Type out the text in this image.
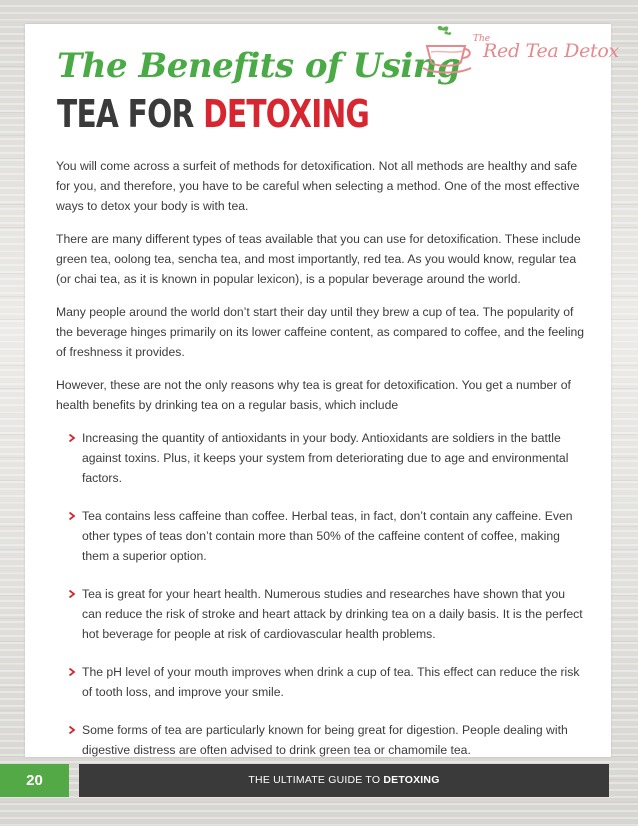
The Benefits of Using
TEA FOR DETOXING
The
Red Tea Detox

You will come across a surfeit of methods for detoxification. Not all methods are healthy and safe for you, and therefore, you have to be careful when selecting a method. One of the most effective ways to detox your body is with tea.

There are many different types of teas available that you can use for detoxification. These include green tea, oolong tea, sencha tea, and most importantly, red tea. As you would know, regular tea (or chai tea, as it is known in popular lexicon), is a popular beverage around the world.

Many people around the world don’t start their day until they brew a cup of tea. The popularity of the beverage hinges primarily on its lower caffeine content, as compared to coffee, and the feeling of freshness it provides.

However, these are not the only reasons why tea is great for detoxification. You get a number of health benefits by drinking tea on a regular basis, which include

Increasing the quantity of antioxidants in your body. Antioxidants are soldiers in the battle against toxins. Plus, it keeps your system from deteriorating due to age and environmental factors.
Tea contains less caffeine than coffee. Herbal teas, in fact, don’t contain any caffeine. Even other types of teas don’t contain more than 50% of the caffeine content of coffee, making them a superior option.
Tea is great for your heart health. Numerous studies and researches have shown that you can reduce the risk of stroke and heart attack by drinking tea on a daily basis. It is the perfect hot beverage for people at risk of cardiovascular health problems.
The pH level of your mouth improves when drink a cup of tea. This effect can reduce the risk of tooth loss, and improve your smile.
Some forms of tea are particularly known for being great for digestion. People dealing with digestive distress are often advised to drink green tea or chamomile tea.
20	THE ULTIMATE GUIDE TO DETOXING
